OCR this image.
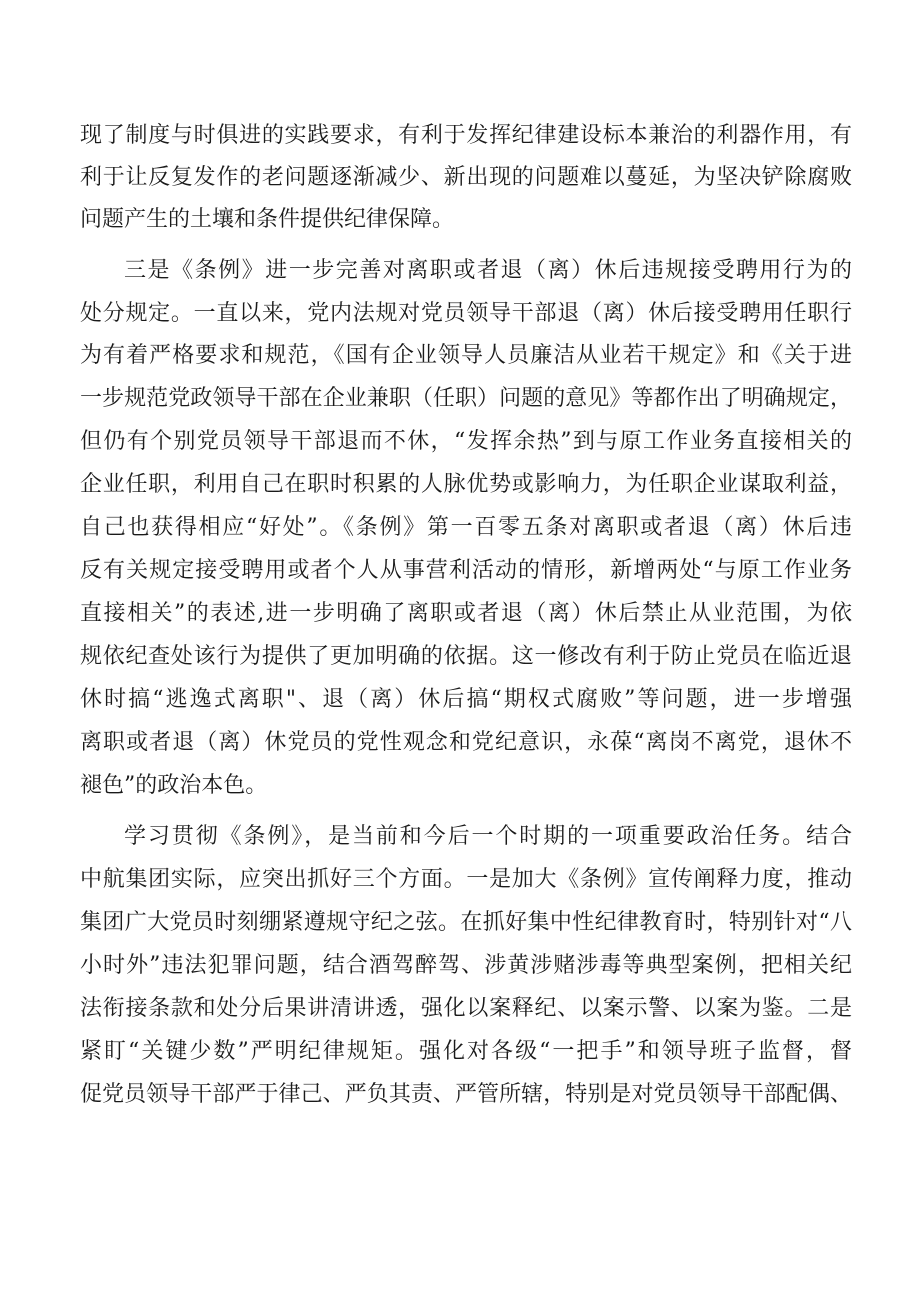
现了制度与时俱进的实践要求，有利于发挥纪律建设标本兼治的利器作用，有
利于让反复发作的老问题逐渐减少、新出现的问题难以蔓延，为坚决铲除腐败
问题产生的土壤和条件提供纪律保障。
三是《条例》进一步完善对离职或者退（离）休后违规接受聘用行为的
处分规定。一直以来，党内法规对党员领导干部退（离）休后接受聘用任职行
为有着严格要求和规范，《国有企业领导人员廉洁从业若干规定》和《关于进
一步规范党政领导干部在企业兼职（任职）问题的意见》等都作出了明确规定，
但仍有个别党员领导干部退而不休，“发挥余热”到与原工作业务直接相关的
企业任职，利用自己在职时积累的人脉优势或影响力，为任职企业谋取利益，
自己也获得相应“好处”。《条例》第一百零五条对离职或者退（离）休后违
反有关规定接受聘用或者个人从事营利活动的情形，新增两处“与原工作业务
直接相关”的表述,进一步明确了离职或者退（离）休后禁止从业范围，为依
规依纪查处该行为提供了更加明确的依据。这一修改有利于防止党员在临近退
休时搞“逃逸式离职"、退（离）休后搞“期权式腐败”等问题，进一步增强
离职或者退（离）休党员的党性观念和党纪意识，永葆“离岗不离党，退休不
褪色”的政治本色。
学习贯彻《条例》，是当前和今后一个时期的一项重要政治任务。结合
中航集团实际，应突出抓好三个方面。一是加大《条例》宣传阐释力度，推动
集团广大党员时刻绷紧遵规守纪之弦。在抓好集中性纪律教育时，特别针对“八
小时外”违法犯罪问题，结合酒驾醉驾、涉黄涉赌涉毒等典型案例，把相关纪
法衔接条款和处分后果讲清讲透，强化以案释纪、以案示警、以案为鉴。二是
紧盯“关键少数”严明纪律规矩。强化对各级“一把手”和领导班子监督，督
促党员领导干部严于律己、严负其责、严管所辖，特别是对党员领导干部配偶、
